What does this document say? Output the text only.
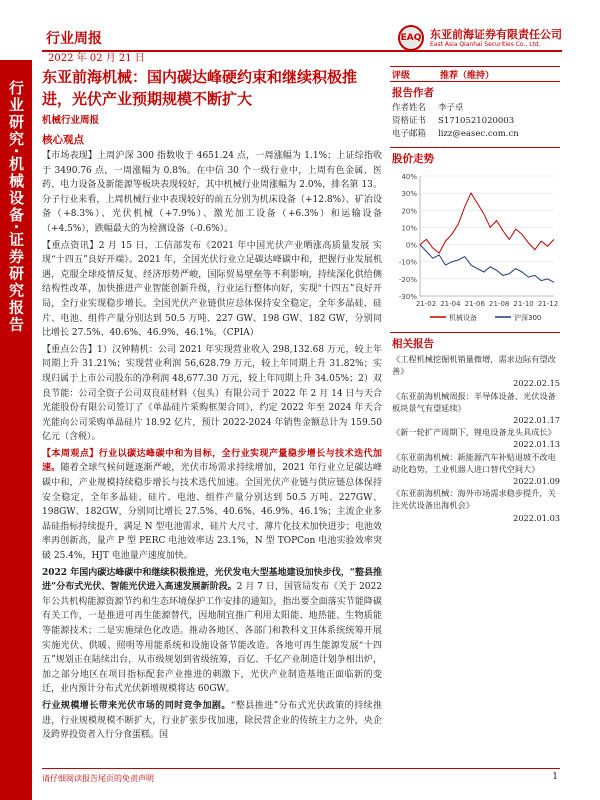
行业周报	EAQ 东亚前海证券有限责任公司
East Asia Qianhai Securities Co., Ltd.
2022 年 02 月 21 日
行业研究·机械设备·证券研究报告
东亚前海机械：国内碳达峰硬约束和继续积极推进，光伏产业预期规模不断扩大
机械行业周报
核心观点

【市场表现】上周沪深 300 指数收于 4651.24 点，一周涨幅为 1.1%；上证综指收于 3490.76 点，一周涨幅为 0.8%。在中信 30 个一级行业中，上周有色金属、医药、电力设备及新能源等板块表现较好，其中机械行业周涨幅为 2.0%，排名第 13。分子行业来看，上周机械行业中表现较好的前五分别为机床设备（+12.8%）、矿冶设备（+8.3%）、光伏机械（+7.9%）、激光加工设备（+6.3%）和运输设备（+4.5%），跌幅最大的为检测设备（-0.6%）。

【重点资讯】2 月 15 日，工信部发布《2021 年中国光伏产业晒涨高质量发展 实现“十四五”良好开端》。2021 年，全国光伏行业立足碳达峰碳中和，把握行业发展机遇，克服全球疫情反复、经济形势严峻，国际贸易壁垒等不利影响，持续深化供给侧结构性改革，加快推进产业智能创新升级，行业运行整体向好，实现“十四五”良好开局，全行业实现稳步增长。全国光伏产业链供应总体保持安全稳定，全年多晶硅、硅片、电池、组件产量分别达到 50.5 万吨、227 GW、198 GW、182 GW，分别同比增长 27.5%、40.6%、46.9%、46.1%。（CPIA）

【重点公告】1）汉钟精机：公司 2021 年实现营业收入 298,132.68 万元，较上年同期上升 31.21%；实现营业利润 56,628.79 万元，较上年同期上升 31.82%；实现归属于上市公司股东的净利润 48,677.30 万元，较上年同期上升 34.05%；2）双良节能：公司全资子公司双良硅材料（包头）有限公司于 2022 年 2 月 14 日与天合光能股份有限公司签订了《单晶硅片采购框架合同》，约定 2022 年至 2024 年天合光能向公司采购单晶硅片 18.92 亿片，预计 2022-2024 年销售金额总计为 159.50 亿元（含税）。

【本周观点】行业以碳达峰碳中和为目标，全行业实现产量稳步增长与技术迭代加速。随着全球气候问题逐渐严峻，光伏市场需求持续增加，2021 年行业立足碳达峰碳中和，产业规模持续稳步增长与技术迭代加速。全国光伏产业链与供应链总体保持安全稳定，全年多晶硅、硅片、电池、组件产量分别达到 50.5 万吨、227GW、198GW、182GW，分别同比增长 27.5%、40.6%、46.9%、46.1%；主流企业多晶硅指标持续提升，满足 N 型电池需求，硅片大尺寸、薄片化技术加快进步；电池效率再创新高，量产 P 型 PERC 电池效率达 23.1%，N 型 TOPCon 电池实验效率突破 25.4%，HJT 电池量产速度加快。

2022 年国内碳达峰碳中和继续积极推进，光伏发电大型基地建设加快步伐，“整县推进”分布式光伏、智能光伏进入高速发展新阶段。2 月 7 日，国管局发布《关于 2022 年公共机构能源资源节约和生态环境保护工作安排的通知》，指出要全面落实节能降碳有关工作，一是推进可再生能源替代，因地制宜推广利用太阳能、地热能、生物质能等能源技术；二是实施绿色化改造。推动各地区、各部门和教科文卫体系统统筹开展实施光伏、供暖、照明等用能系统和设施设备节能改造。各地可再生能源发展“十四五”规划正在陆续出台，从市级规划到省级统筹，百亿、千亿产业制造计划争相出炉，加之部分地区在项目指标配套产业推进的刺激下，光伏产业制造基地正面临新的变迁，业内预计分布式光伏新增规模将达 60GW。

行业规模增长带来光伏市场的同时竞争加剧。“整县推进”分布式光伏政策的持续推进，行业规模规模不断扩大，行业扩张步伐加速，除民营企业的传统主力之外，央企及跨界投资者入行分食蛋糕。国

评级	推荐（维持）
报告作者
作者姓名	李子卓
资格证书	S1710521020003
电子邮箱	lizz@easec.com.cn
股价走势
40%
30%
20%
10%
0%
-10%
-20%
-30%
21-02 21-04 21-06 21-08 21-10 21-12
机械设备	沪深300
相关报告
《工程机械挖掘机销量微增，需求边际有望改善》
2022.02.15
《东亚前海机械周报：半导体设备、光伏设备板块景气有望延续》
2022.01.17
《新一轮扩产周期下，锂电设备龙头具成长》
2022.01.13
《东亚前海机械：新能源汽车补贴退坡不改电动化趋势，工业机器人进口替代空间大》
2022.01.09
《东亚前海机械：海外市场需求稳步提升，关注光伏设备出海机会》
2022.01.03
请仔细阅读报告尾页的免责声明	1
